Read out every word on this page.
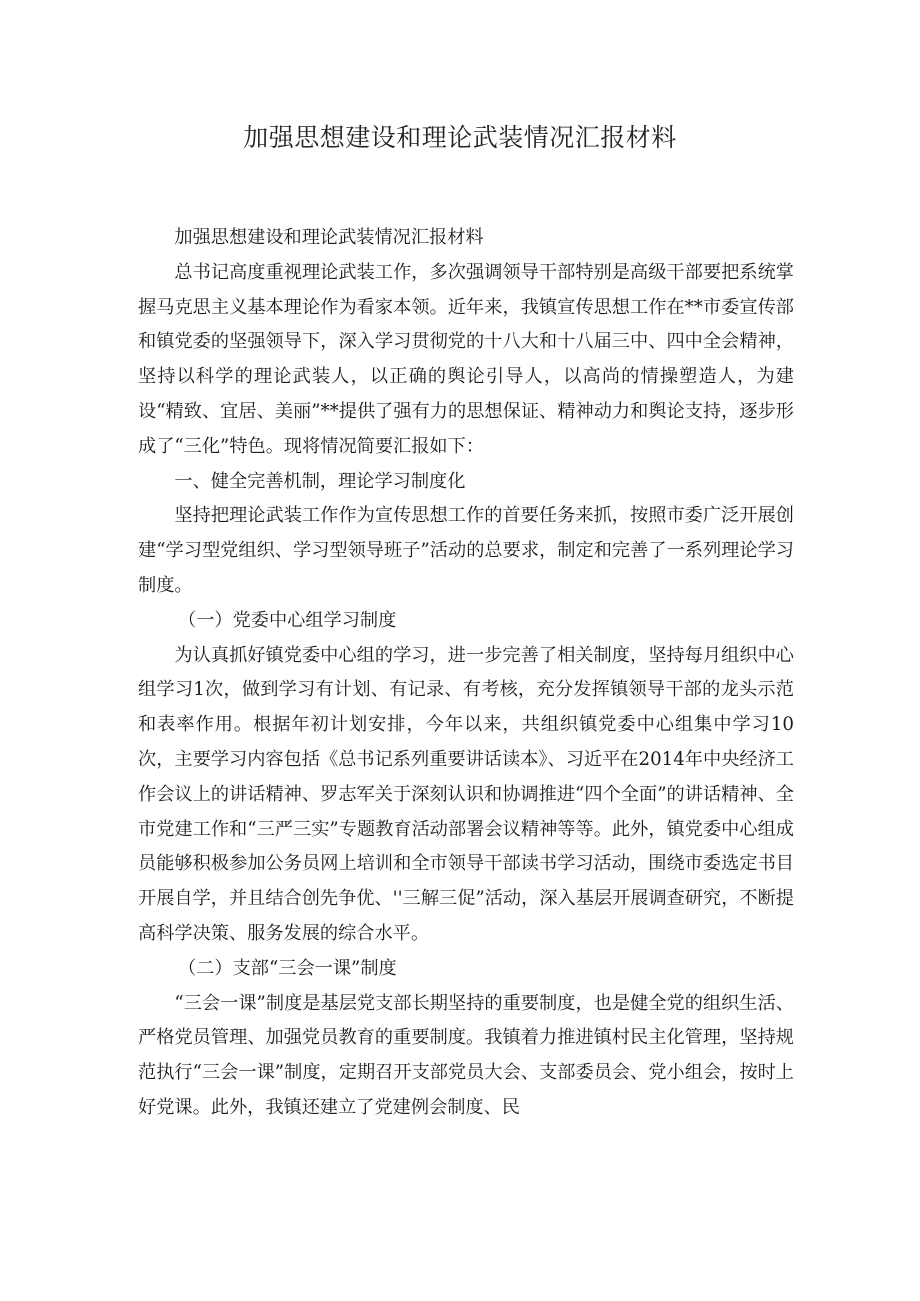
加强思想建设和理论武装情况汇报材料

加强思想建设和理论武装情况汇报材料

总书记高度重视理论武装工作，多次强调领导干部特别是高级干部要把系统掌握马克思主义基本理论作为看家本领。近年来，我镇宣传思想工作在**市委宣传部和镇党委的坚强领导下，深入学习贯彻党的十八大和十八届三中、四中全会精神，坚持以科学的理论武装人，以正确的舆论引导人，以高尚的情操塑造人，为建设“精致、宜居、美丽”**提供了强有力的思想保证、精神动力和舆论支持，逐步形成了“三化”特色。现将情况简要汇报如下：

一、健全完善机制，理论学习制度化

坚持把理论武装工作作为宣传思想工作的首要任务来抓，按照市委广泛开展创建“学习型党组织、学习型领导班子”活动的总要求，制定和完善了一系列理论学习制度。

（一）党委中心组学习制度

为认真抓好镇党委中心组的学习，进一步完善了相关制度，坚持每月组织中心组学习1次，做到学习有计划、有记录、有考核，充分发挥镇领导干部的龙头示范和表率作用。根据年初计划安排，今年以来，共组织镇党委中心组集中学习10次，主要学习内容包括《总书记系列重要讲话读本》、习近平在2014年中央经济工作会议上的讲话精神、罗志军关于深刻认识和协调推进“四个全面”的讲话精神、全市党建工作和“三严三实”专题教育活动部署会议精神等等。此外，镇党委中心组成员能够积极参加公务员网上培训和全市领导干部读书学习活动，围绕市委选定书目开展自学，并且结合创先争优、''三解三促”活动，深入基层开展调查研究，不断提高科学决策、服务发展的综合水平。

（二）支部“三会一课”制度

“三会一课”制度是基层党支部长期坚持的重要制度，也是健全党的组织生活、严格党员管理、加强党员教育的重要制度。我镇着力推进镇村民主化管理，坚持规范执行“三会一课”制度，定期召开支部党员大会、支部委员会、党小组会，按时上好党课。此外，我镇还建立了党建例会制度、民
